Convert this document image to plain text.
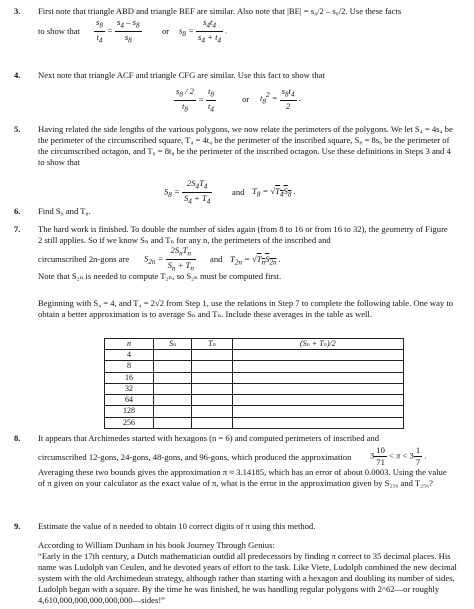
3. First note that triangle ABD and triangle BEF are similar. Also note that |BE| = s₄/2 – s₈/2. Use these facts
to show that	$\frac{s_8}{t_4} = \frac{s_4 - s_8}{s_8}$ or $s_8 = \frac{s_4t_4}{s_4 + t_4}$ .
4. Next note that triangle ACF and triangle CFG are similar. Use this fact to show that
$\frac{s_8 / 2}{t_8} = \frac{t_8}{t_4}$	or $t_8^2 = \frac{s_8t_4}{2}$ .
5. Having related the side lengths of the various polygons, we now relate the perimeters of the polygons. We let S₄ = 4s₄ be the perimeter of the circumscribed square, T₄ = 4t₄ be the perimeter of the inscribed square, S₈ = 8s₈ be the perimeter of the circumscribed octagon, and T₈ = 8t₈ be the perimeter of the inscribed octagon. Use these definitions in Steps 3 and 4 to show that
$S_8 = \frac{2S_4T_4}{S_4 + T_4}$ and $T_8 = √T_4S_8$ .
6. Find S₈ and T₈.
7. The hard work is finished. To double the number of sides again (from 8 to 16 or from 16 to 32), the geometry of Figure 2 still applies. So if we know Sₙ and Tₙ for any n, the perimeters of the inscribed and
circumscribed 2n-gons are	$S_{2n} = \frac{2S_nT_n}{S_n + T_n}$ and $T_{2n} = √T_nS_{2n}$ .
Note that S₂ₙ is needed to compute T₂ₙ, so S₂ₙ must be computed first.
Beginning with S₄ = 4, and T₄ = 2√2 from Step 1, use the relations in Step 7 to complete the following table. One way to obtain a better approximation is to average Sₙ and Tₙ. Include these averages in the table as well.
n	Sₙ	Tₙ	(Sₙ + Tₙ)/2
4			
8			
16			
32			
64			
128			
256			
8. It appears that Archimedes started with hexagons (n = 6) and computed perimeters of inscribed and
circumscribed 12-gons, 24-gons, 48-gons, and 96-gons, which produced the approximation	$3 \frac{10}{71} < \pi < 3 \frac{1}{7}$ .
Averaging these two bounds gives the approximation π ≈ 3.14185, which has an error of about 0.0003. Using the value of π given on your calculator as the exact value of π, what is the error in the approximation given by S₂₅₆ and T₂₅₆?
9. Estimate the value of n needed to obtain 10 correct digits of π using this method.
According to William Dunham in his book Journey Through Genius:
“Early in the 17th century, a Dutch mathematician outdid all predecessors by finding π correct to 35 decimal places. His name was Ludolph van Ceulen, and he devoted years of effort to the task. Like Viete, Ludolph combined the new decimal system with the old Archimedean strategy, although rather than starting with a hexagon and doubling its number of sides, Ludolph began with a square. By the time he was finished, he was handling regular polygons with 2^62—or roughly 4,610,000,000,000,000,000—sides!”
